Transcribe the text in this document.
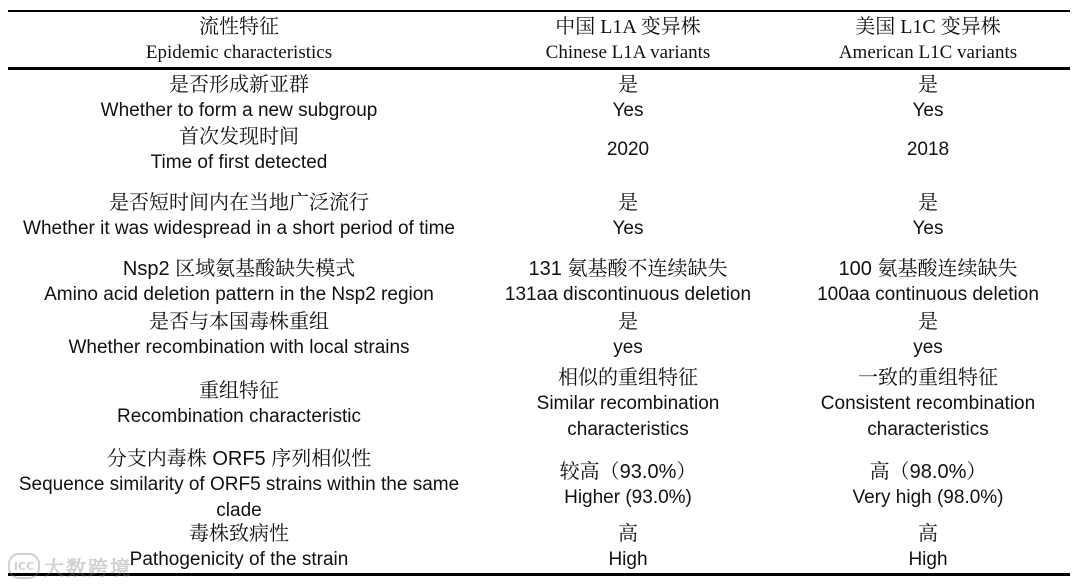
流性特征
Epidemic characteristics
中国 L1A 变异株
Chinese L1A variants
美国 L1C 变异株
American L1C variants
是否形成新亚群
Whether to form a new subgroup
是
Yes
是
Yes
首次发现时间
Time of first detected
2020	2018
是否短时间内在当地广泛流行
Whether it was widespread in a short period of time
是
Yes
是
Yes
Nsp2 区域氨基酸缺失模式
Amino acid deletion pattern in the Nsp2 region
131 氨基酸不连续缺失
131aa discontinuous deletion
100 氨基酸连续缺失
100aa continuous deletion
是否与本国毒株重组
Whether recombination with local strains
是
yes
是
yes
重组特征
Recombination characteristic
相似的重组特征
Similar recombination characteristics
一致的重组特征
Consistent recombination characteristics
分支内毒株 ORF5 序列相似性
Sequence similarity of ORF5 strains within the same clade
较高（93.0%）
Higher (93.0%)
高（98.0%）
Very high (98.0%)
毒株致病性
Pathogenicity of the strain
高
High
高
High
ICC 大数跨境
